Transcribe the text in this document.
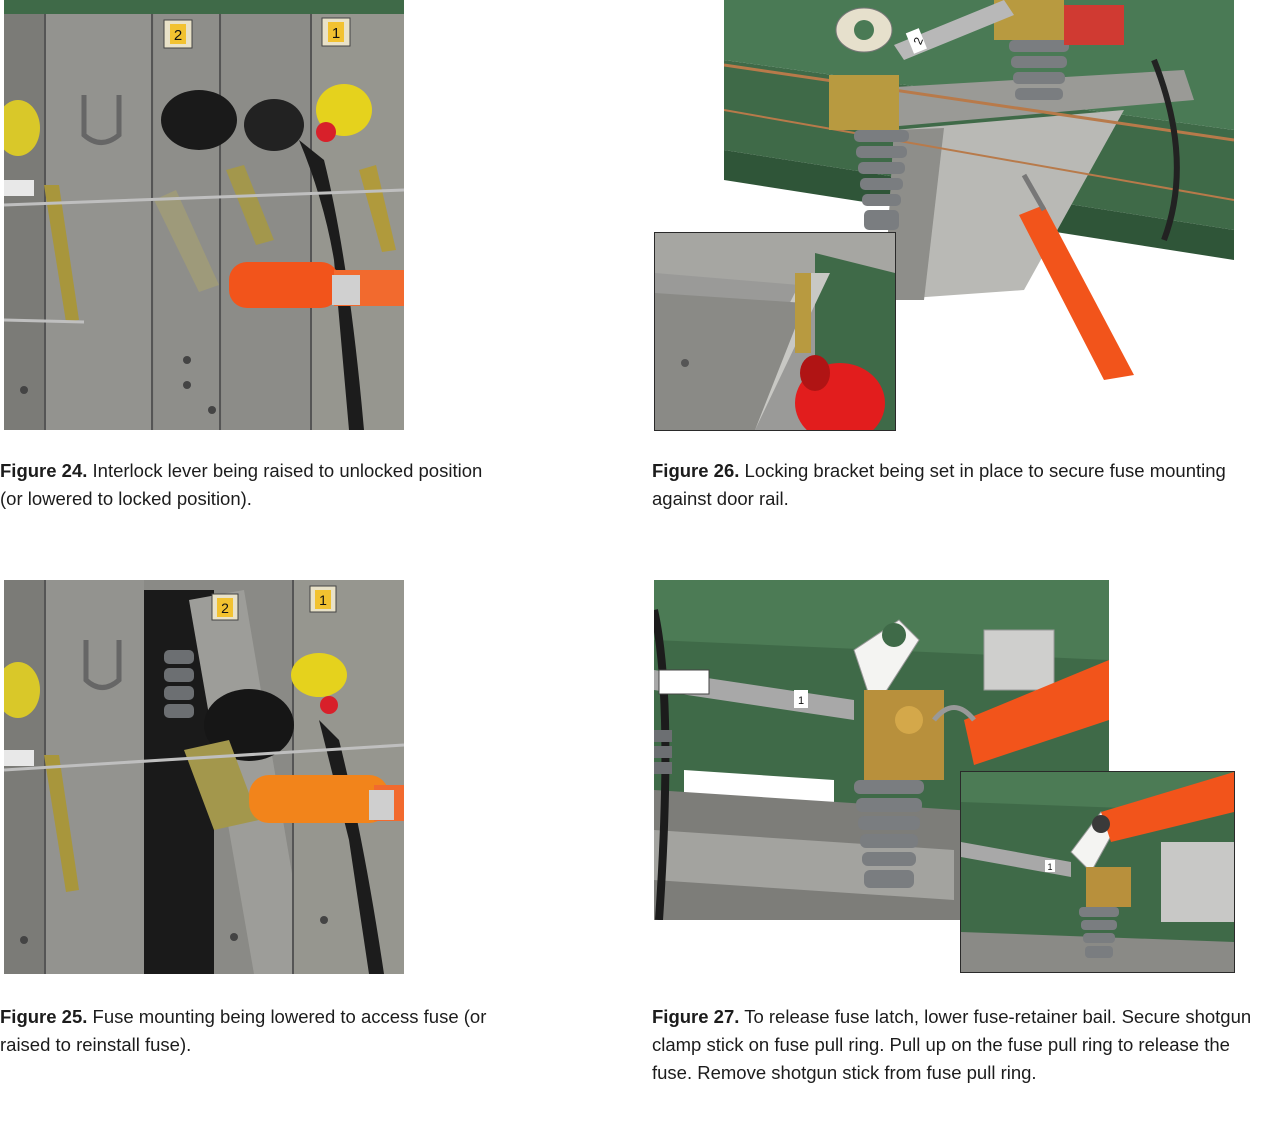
2	1	2
2	1
1
1
Figure 24. Interlock lever being raised to unlocked position (or lowered to locked position).
Figure 26. Locking bracket being set in place to secure fuse mounting against door rail.
Figure 25. Fuse mounting being lowered to access fuse (or raised to reinstall fuse).
Figure 27. To release fuse latch, lower fuse-retainer bail. Secure shotgun clamp stick on fuse pull ring. Pull up on the fuse pull ring to release the fuse. Remove shotgun stick from fuse pull ring.
